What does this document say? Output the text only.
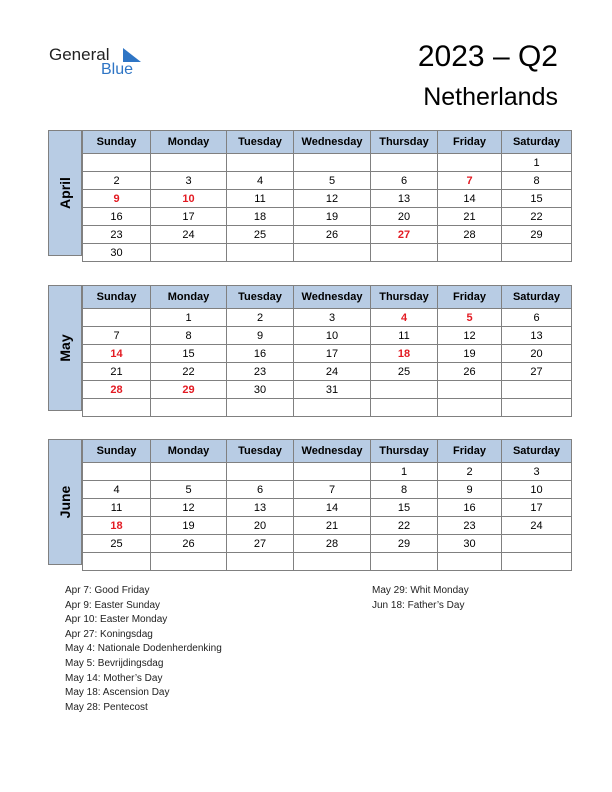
General
Blue	2023 – Q2
Netherlands
April
Sunday	Monday	Tuesday	Wednesday	Thursday	Friday	Saturday
						1
2	3	4	5	6	7	8
9	10	11	12	13	14	15
16	17	18	19	20	21	22
23	24	25	26	27	28	29
30						
May
Sunday	Monday	Tuesday	Wednesday	Thursday	Friday	Saturday
	1	2	3	4	5	6
7	8	9	10	11	12	13
14	15	16	17	18	19	20
21	22	23	24	25	26	27
28	29	30	31			

June
Sunday	Monday	Tuesday	Wednesday	Thursday	Friday	Saturday
				1	2	3
4	5	6	7	8	9	10
11	12	13	14	15	16	17
18	19	20	21	22	23	24
25	26	27	28	29	30	

Apr 7: Good Friday
Apr 9: Easter Sunday
Apr 10: Easter Monday
Apr 27: Koningsdag
May 4: Nationale Dodenherdenking
May 5: Bevrijdingsdag
May 14: Mother’s Day
May 18: Ascension Day
May 28: Pentecost
May 29: Whit Monday
Jun 18: Father’s Day
